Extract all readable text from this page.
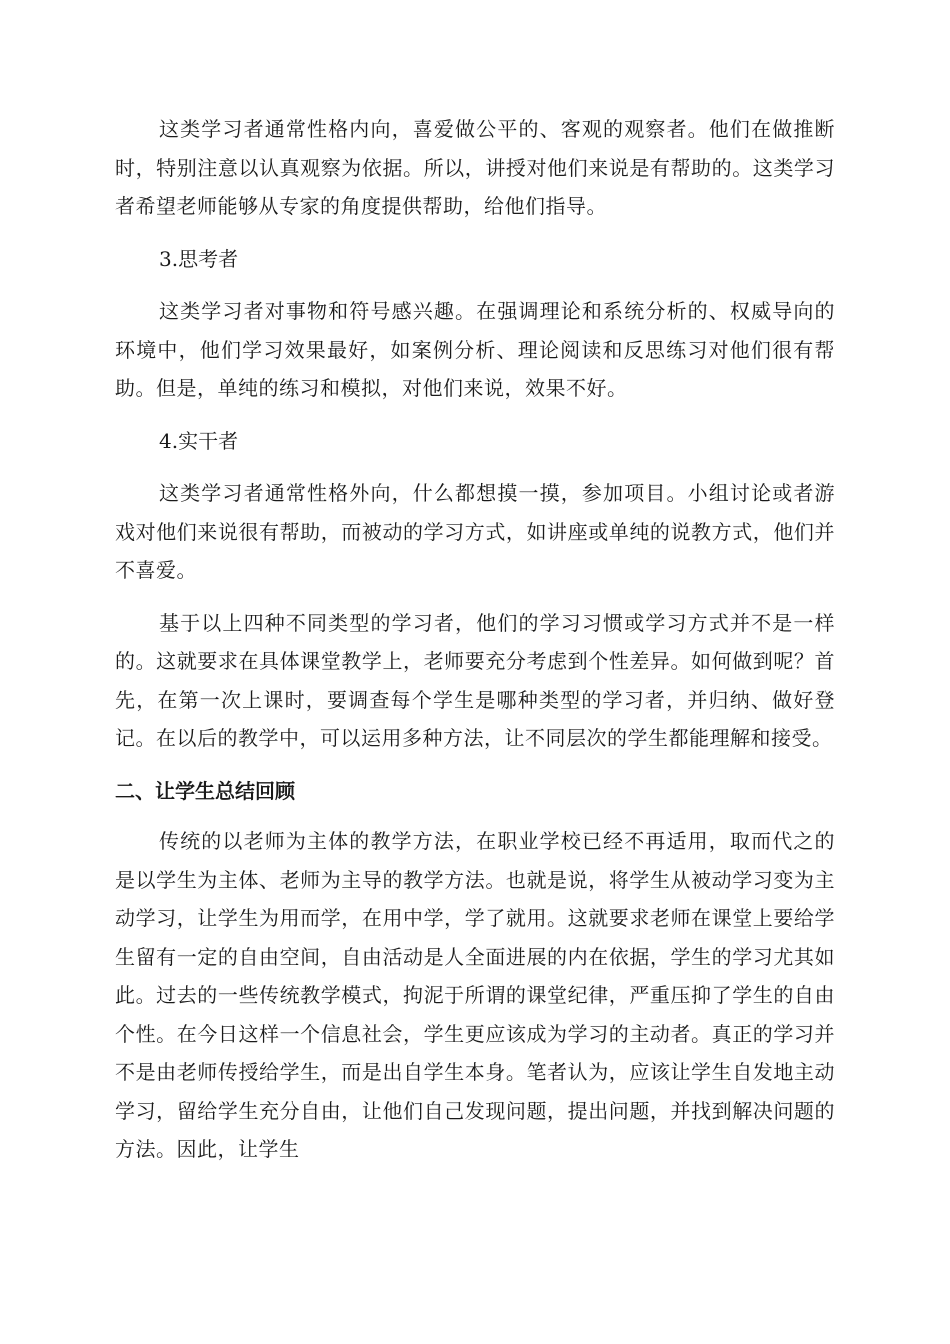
这类学习者通常性格内向，喜爱做公平的、客观的观察者。他们在做推断时，特别注意以认真观察为依据。所以，讲授对他们来说是有帮助的。这类学习者希望老师能够从专家的角度提供帮助，给他们指导。

3.思考者

这类学习者对事物和符号感兴趣。在强调理论和系统分析的、权威导向的环境中，他们学习效果最好，如案例分析、理论阅读和反思练习对他们很有帮助。但是，单纯的练习和模拟，对他们来说，效果不好。

4.实干者

这类学习者通常性格外向，什么都想摸一摸，参加项目。小组讨论或者游戏对他们来说很有帮助，而被动的学习方式，如讲座或单纯的说教方式，他们并不喜爱。

基于以上四种不同类型的学习者，他们的学习习惯或学习方式并不是一样的。这就要求在具体课堂教学上，老师要充分考虑到个性差异。如何做到呢？首先，在第一次上课时，要调查每个学生是哪种类型的学习者，并归纳、做好登记。在以后的教学中，可以运用多种方法，让不同层次的学生都能理解和接受。

二、让学生总结回顾

传统的以老师为主体的教学方法，在职业学校已经不再适用，取而代之的是以学生为主体、老师为主导的教学方法。也就是说，将学生从被动学习变为主动学习，让学生为用而学，在用中学，学了就用。这就要求老师在课堂上要给学生留有一定的自由空间，自由活动是人全面进展的内在依据，学生的学习尤其如此。过去的一些传统教学模式，拘泥于所谓的课堂纪律，严重压抑了学生的自由个性。在今日这样一个信息社会，学生更应该成为学习的主动者。真正的学习并不是由老师传授给学生，而是出自学生本身。笔者认为，应该让学生自发地主动学习，留给学生充分自由，让他们自己发现问题，提出问题，并找到解决问题的方法。因此，让学生
